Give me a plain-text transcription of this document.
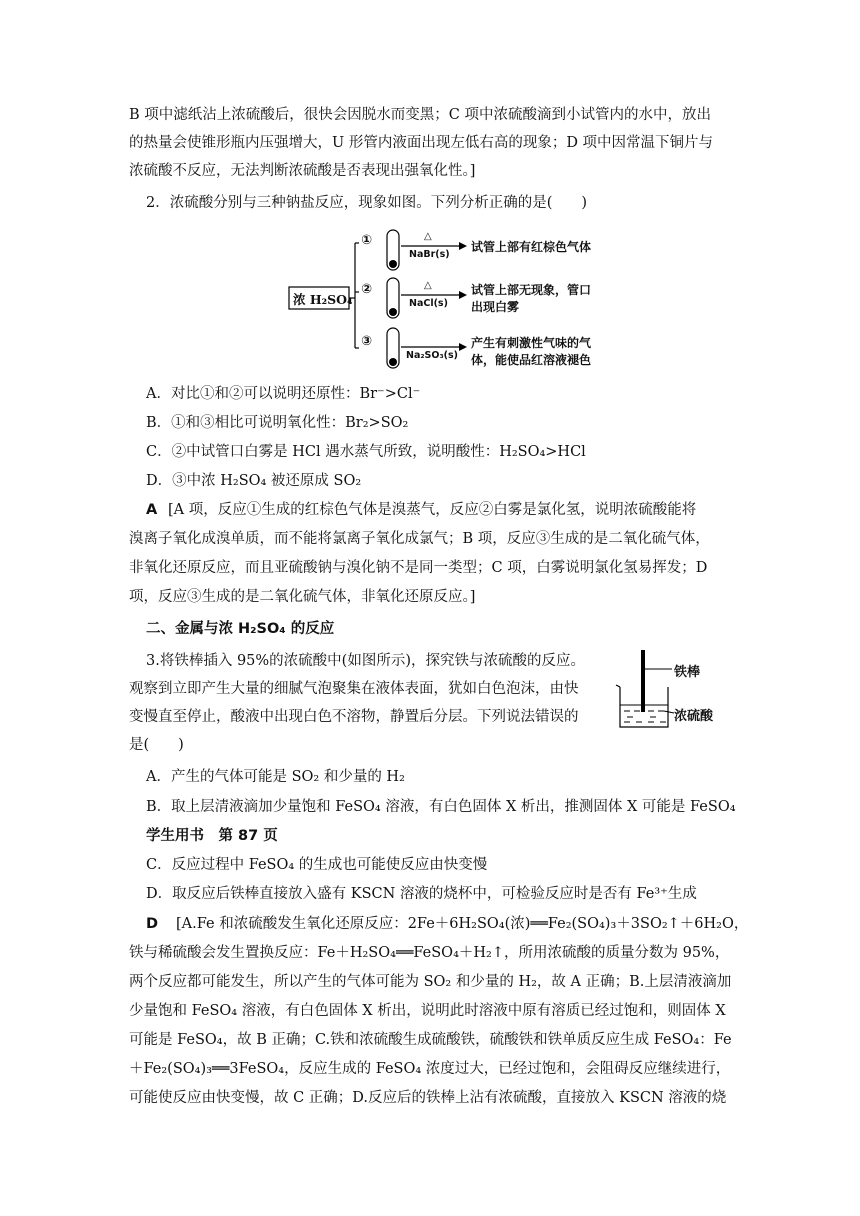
B 项中滤纸沾上浓硫酸后，很快会因脱水而变黑；C 项中浓硫酸滴到小试管内的水中，放出
的热量会使锥形瓶内压强增大，U 形管内液面出现左低右高的现象；D 项中因常温下铜片与
浓硫酸不反应，无法判断浓硫酸是否表现出强氧化性。]
2．浓硫酸分别与三种钠盐反应，现象如图。下列分析正确的是(　　)
浓 H₂SO₄
①	△
NaBr(s)
试管上部有红棕色气体
②	△
NaCl(s)
试管上部无现象，管口
出现白雾
③
Na₂SO₃(s)
产生有刺激性气味的气
体，能使品红溶液褪色
A．对比①和②可以说明还原性：Br⁻>Cl⁻
B．①和③相比可说明氧化性：Br₂>SO₂
C．②中试管口白雾是 HCl 遇水蒸气所致，说明酸性：H₂SO₄>HCl
D．③中浓 H₂SO₄ 被还原成 SO₂
A [A 项，反应①生成的红棕色气体是溴蒸气，反应②白雾是氯化氢，说明浓硫酸能将
溴离子氧化成溴单质，而不能将氯离子氧化成氯气；B 项，反应③生成的是二氧化硫气体，
非氧化还原反应，而且亚硫酸钠与溴化钠不是同一类型；C 项，白雾说明氯化氢易挥发；D
项，反应③生成的是二氧化硫气体，非氧化还原反应。]
二、金属与浓 H₂SO₄ 的反应
3.将铁棒插入 95%的浓硫酸中(如图所示)，探究铁与浓硫酸的反应。
观察到立即产生大量的细腻气泡聚集在液体表面，犹如白色泡沫，由快
变慢直至停止，酸液中出现白色不溶物，静置后分层。下列说法错误的
是(　　)
铁棒
浓硫酸
A．产生的气体可能是 SO₂ 和少量的 H₂
B．取上层清液滴加少量饱和 FeSO₄ 溶液，有白色固体 X 析出，推测固体 X 可能是 FeSO₄
学生用书　第 87 页
C．反应过程中 FeSO₄ 的生成也可能使反应由快变慢
D．取反应后铁棒直接放入盛有 KSCN 溶液的烧杯中，可检验反应时是否有 Fe³⁺生成
D [A.Fe 和浓硫酸发生氧化还原反应：2Fe＋6H₂SO₄(浓)══Fe₂(SO₄)₃＋3SO₂↑＋6H₂O，
铁与稀硫酸会发生置换反应：Fe＋H₂SO₄══FeSO₄＋H₂↑，所用浓硫酸的质量分数为 95%，
两个反应都可能发生，所以产生的气体可能为 SO₂ 和少量的 H₂，故 A 正确；B.上层清液滴加
少量饱和 FeSO₄ 溶液，有白色固体 X 析出，说明此时溶液中原有溶质已经过饱和，则固体 X
可能是 FeSO₄，故 B 正确；C.铁和浓硫酸生成硫酸铁，硫酸铁和铁单质反应生成 FeSO₄：Fe
＋Fe₂(SO₄)₃══3FeSO₄，反应生成的 FeSO₄ 浓度过大，已经过饱和，会阻碍反应继续进行，
可能使反应由快变慢，故 C 正确；D.反应后的铁棒上沾有浓硫酸，直接放入 KSCN 溶液的烧
